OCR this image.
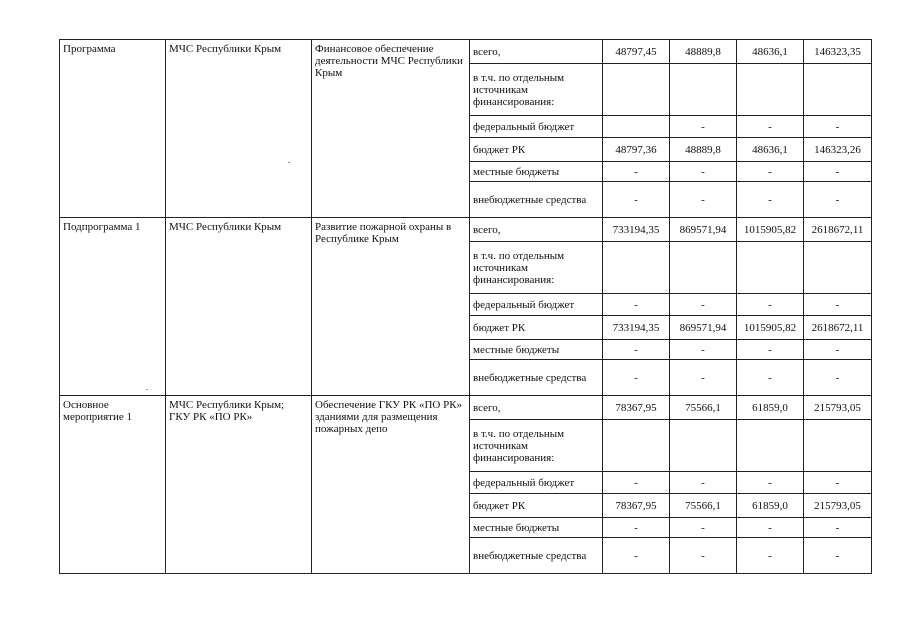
Программа	МЧС Республики Крым	Финансовое обеспечение деятельности МЧС Республики Крым	всего,	48797,45	48889,8	48636,1	146323,35
			в т.ч. по отдельным источникам финансирования:				
			федеральный бюджет		-	-	-
			бюджет РК	48797,36	48889,8	48636,1	146323,26
			местные бюджеты	-	-	-	-
			внебюджетные средства	-	-	-	-
Подпрограмма 1	МЧС Республики Крым	Развитие пожарной охраны в Республике Крым	всего,	733194,35	869571,94	1015905,82	2618672,11
			в т.ч. по отдельным источникам финансирования:				
			федеральный бюджет	-	-	-	-
			бюджет РК	733194,35	869571,94	1015905,82	2618672,11
			местные бюджеты	-	-	-	-
			внебюджетные средства	-	-	-	-
Основное мероприятие 1	МЧС Республики Крым; ГКУ РК «ПО РК»	Обеспечение ГКУ РК «ПО РК» зданиями для размещения пожарных депо	всего,	78367,95	75566,1	61859,0	215793,05
			в т.ч. по отдельным источникам финансирования:				
			федеральный бюджет	-	-	-	-
			бюджет РК	78367,95	75566,1	61859,0	215793,05
			местные бюджеты	-	-	-	-
			внебюджетные средства	-	-	-	-
